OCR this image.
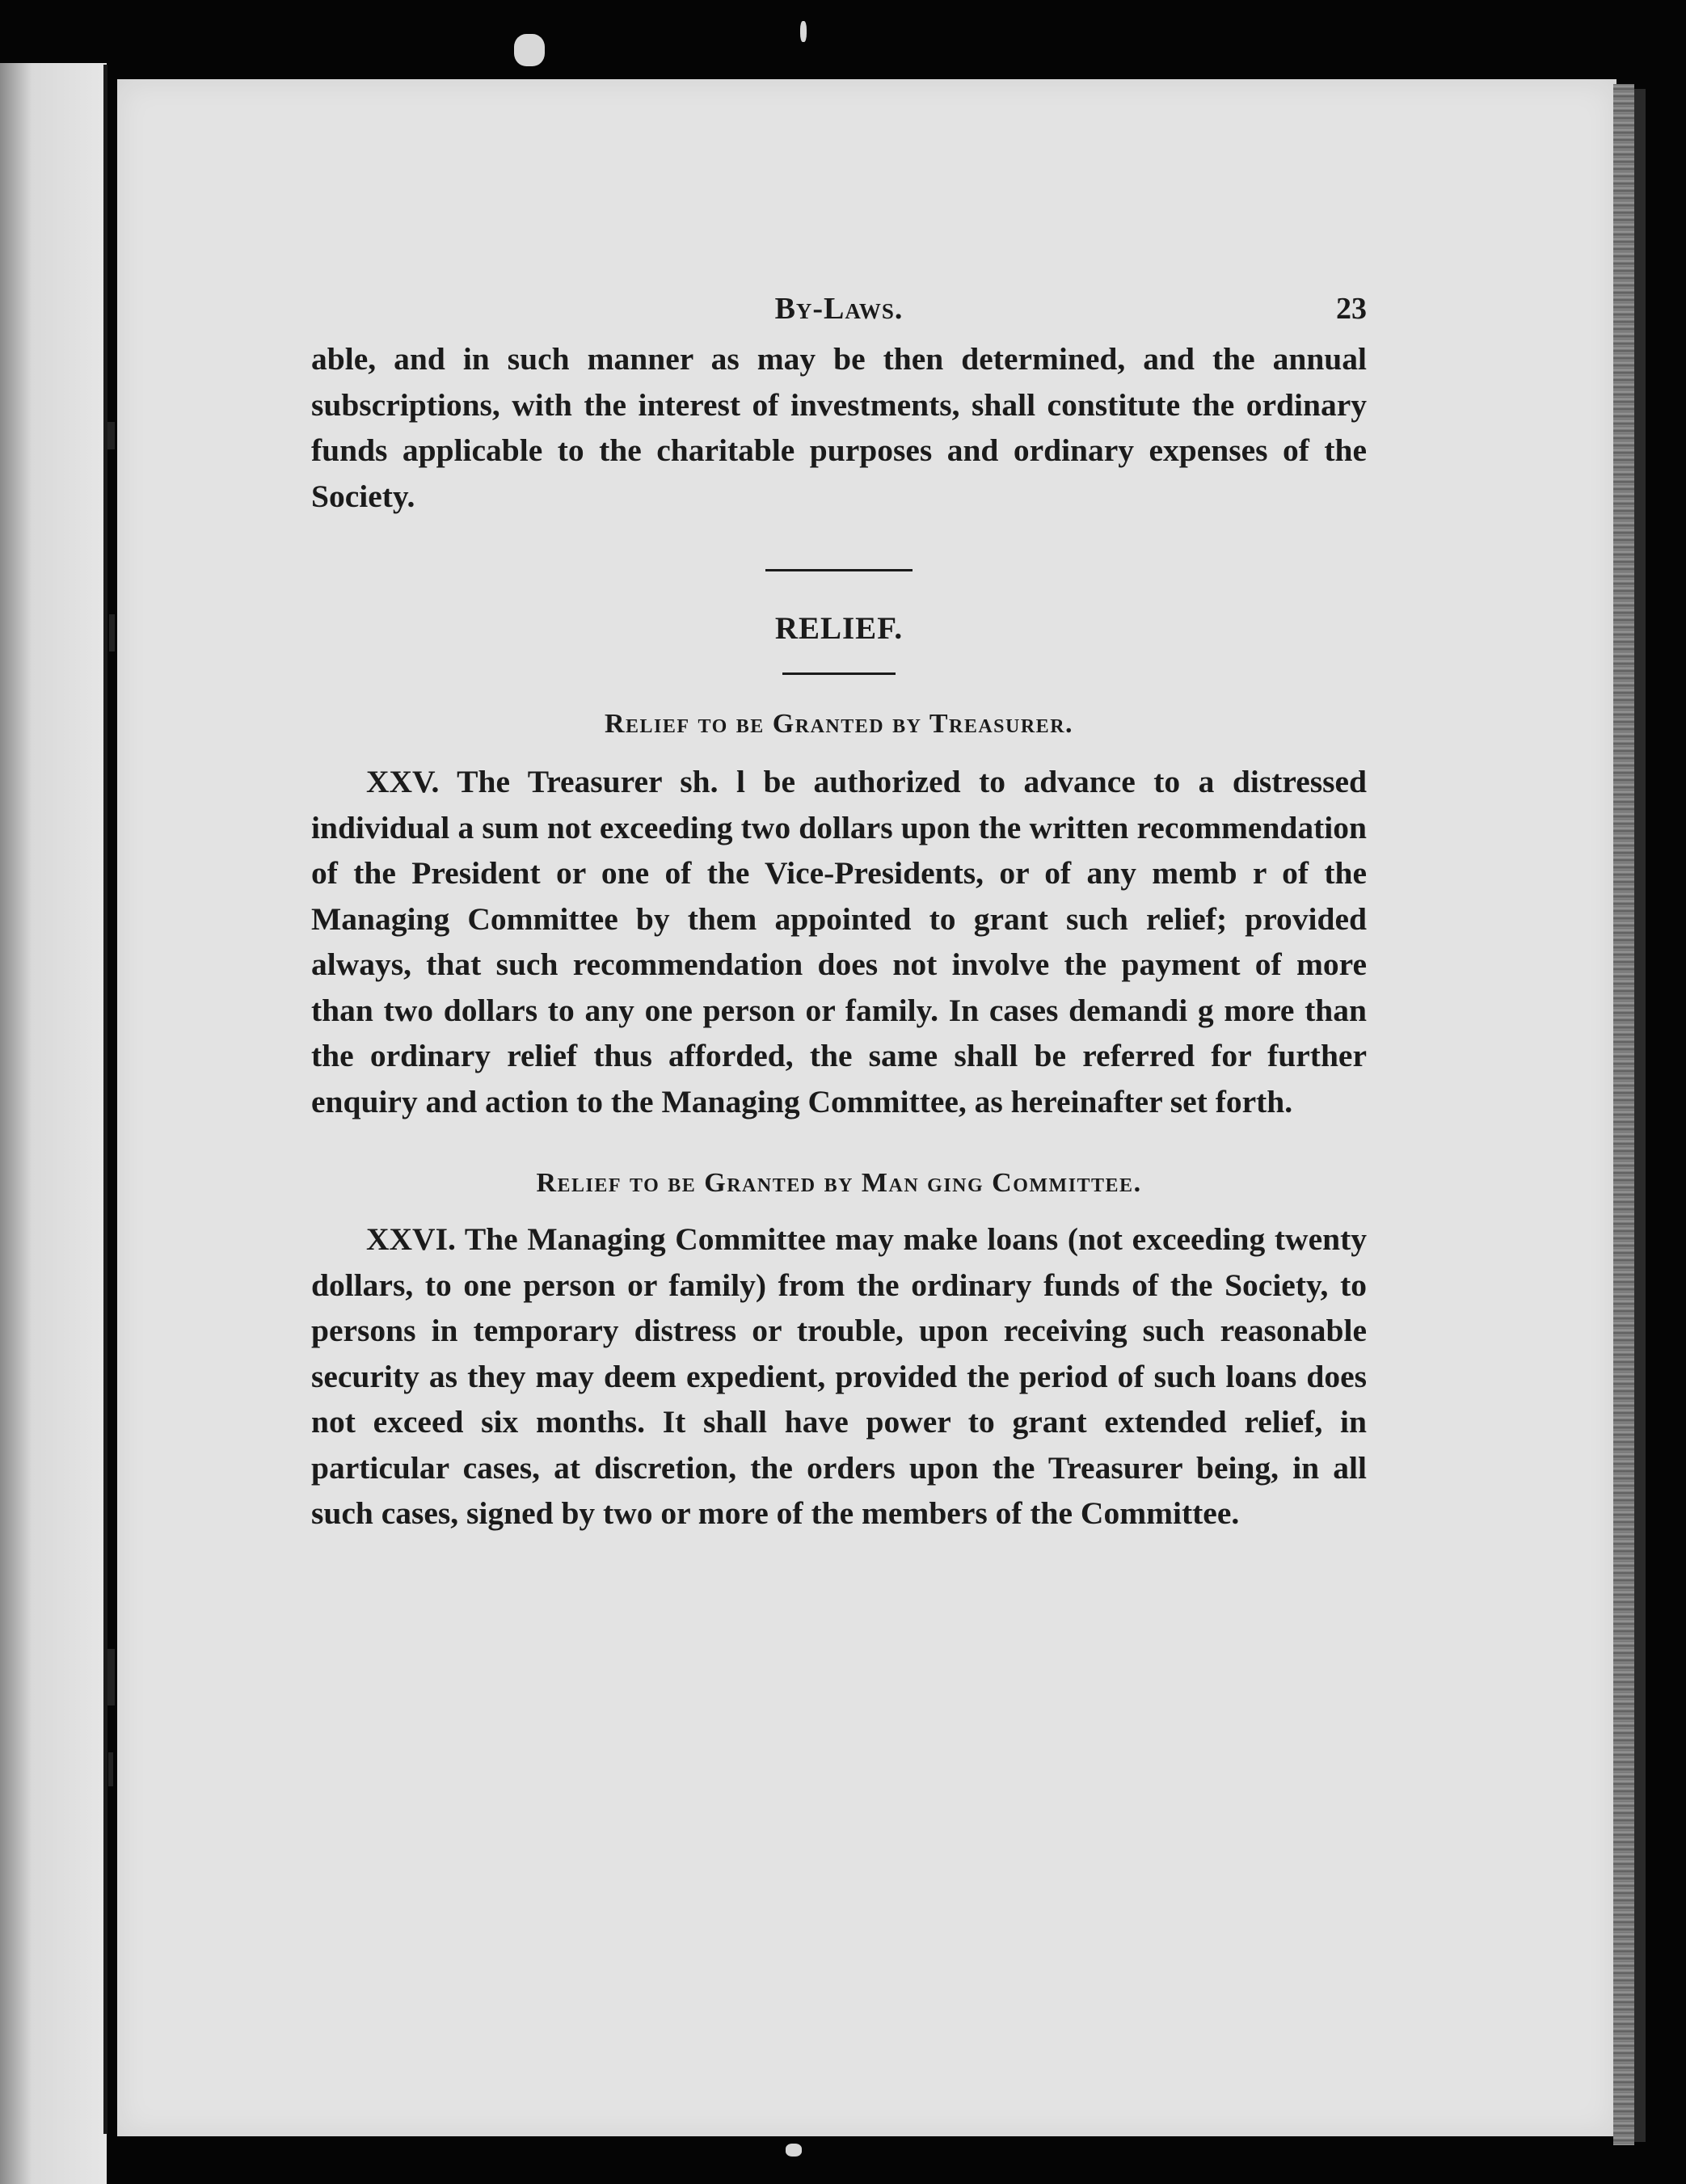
By-Laws.	23

able, and in such manner as may be then determined, and the annual subscriptions, with the interest of investments, shall constitute the ordinary funds applicable to the charitable purposes and ordinary expenses of the Society.

RELIEF.
Relief to be Granted by Treasurer.

XXV. The Treasurer sh. l be authorized to advance to a distressed individual a sum not exceeding two dollars upon the written recommendation of the President or one of the Vice-Presidents, or of any memb r of the Managing Committee by them appointed to grant such relief; provided always, that such recommendation does not involve the payment of more than two dollars to any one person or family. In cases demandi g more than the ordinary relief thus afforded, the same shall be referred for further enquiry and action to the Managing Committee, as hereinafter set forth.

Relief to be Granted by Man ging Committee.

XXVI. The Managing Committee may make loans (not exceeding twenty dollars, to one person or family) from the ordinary funds of the Society, to persons in temporary distress or trouble, upon receiving such reasonable security as they may deem expedient, provided the period of such loans does not exceed six months. It shall have power to grant extended relief, in particular cases, at discretion, the orders upon the Treasurer being, in all such cases, signed by two or more of the members of the Committee.
